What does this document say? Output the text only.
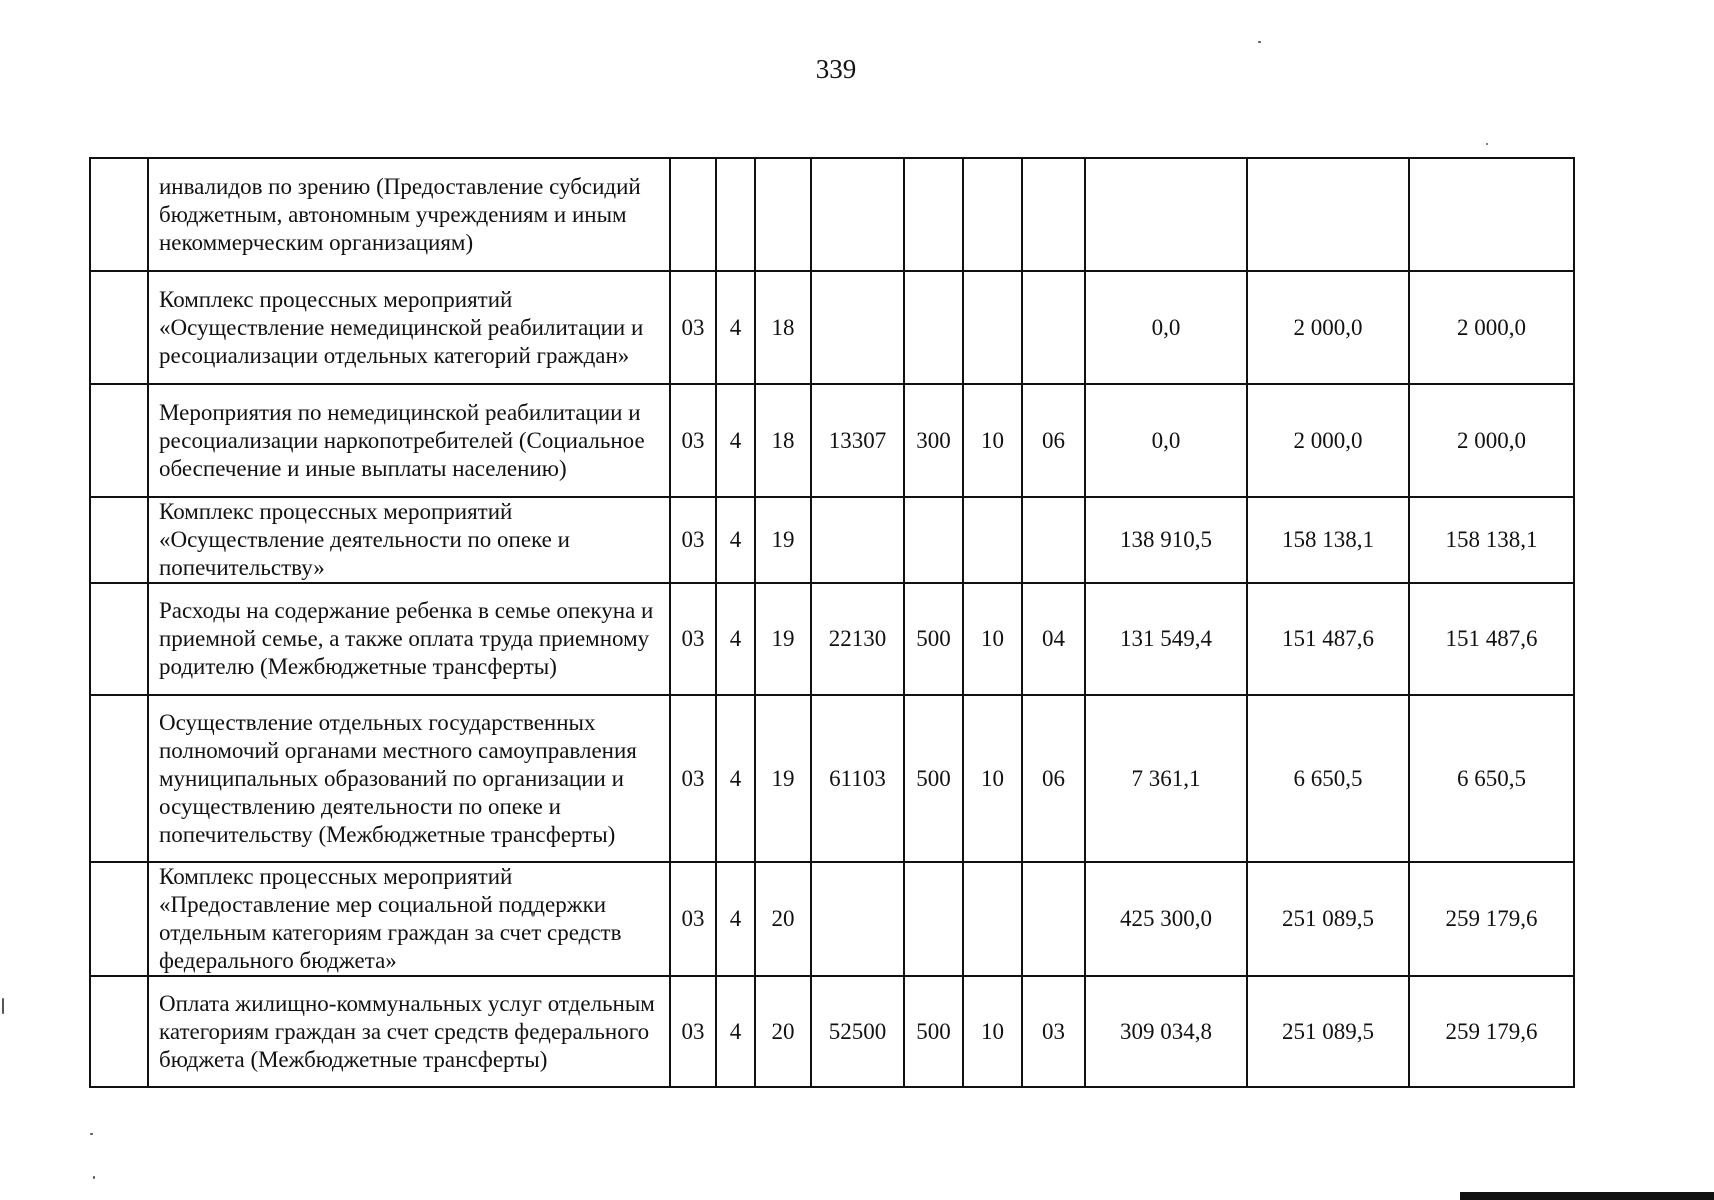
339
	инвалидов по зрению (Предоставление субсидий бюджетным, автономным учреждениям и иным некоммерческим организациям)										
	Комплекс процессных мероприятий «Осуществление немедицинской реабилитации и ресоциализации отдельных категорий граждан»	03	4	18					0,0	2 000,0	2 000,0
	Мероприятия по немедицинской реабилитации и ресоциализации наркопотребителей (Социальное обеспечение и иные выплаты населению)	03	4	18	13307	300	10	06	0,0	2 000,0	2 000,0
	Комплекс процессных мероприятий «Осуществление деятельности по опеке и попечительству»	03	4	19					138 910,5	158 138,1	158 138,1
	Расходы на содержание ребенка в семье опекуна и приемной семье, а также оплата труда приемному родителю (Межбюджетные трансферты)	03	4	19	22130	500	10	04	131 549,4	151 487,6	151 487,6
	Осуществление отдельных государственных полномочий органами местного самоуправления муниципальных образований по организации и осуществлению деятельности по опеке и попечительству (Межбюджетные трансферты)	03	4	19	61103	500	10	06	7 361,1	6 650,5	6 650,5
	Комплекс процессных мероприятий «Предоставление мер социальной поддержки отдельным категориям граждан за счет средств федерального бюджета»	03	4	20					425 300,0	251 089,5	259 179,6
	Оплата жилищно-коммунальных услуг отдельным категориям граждан за счет средств федерального бюджета (Межбюджетные трансферты)	03	4	20	52500	500	10	03	309 034,8	251 089,5	259 179,6
